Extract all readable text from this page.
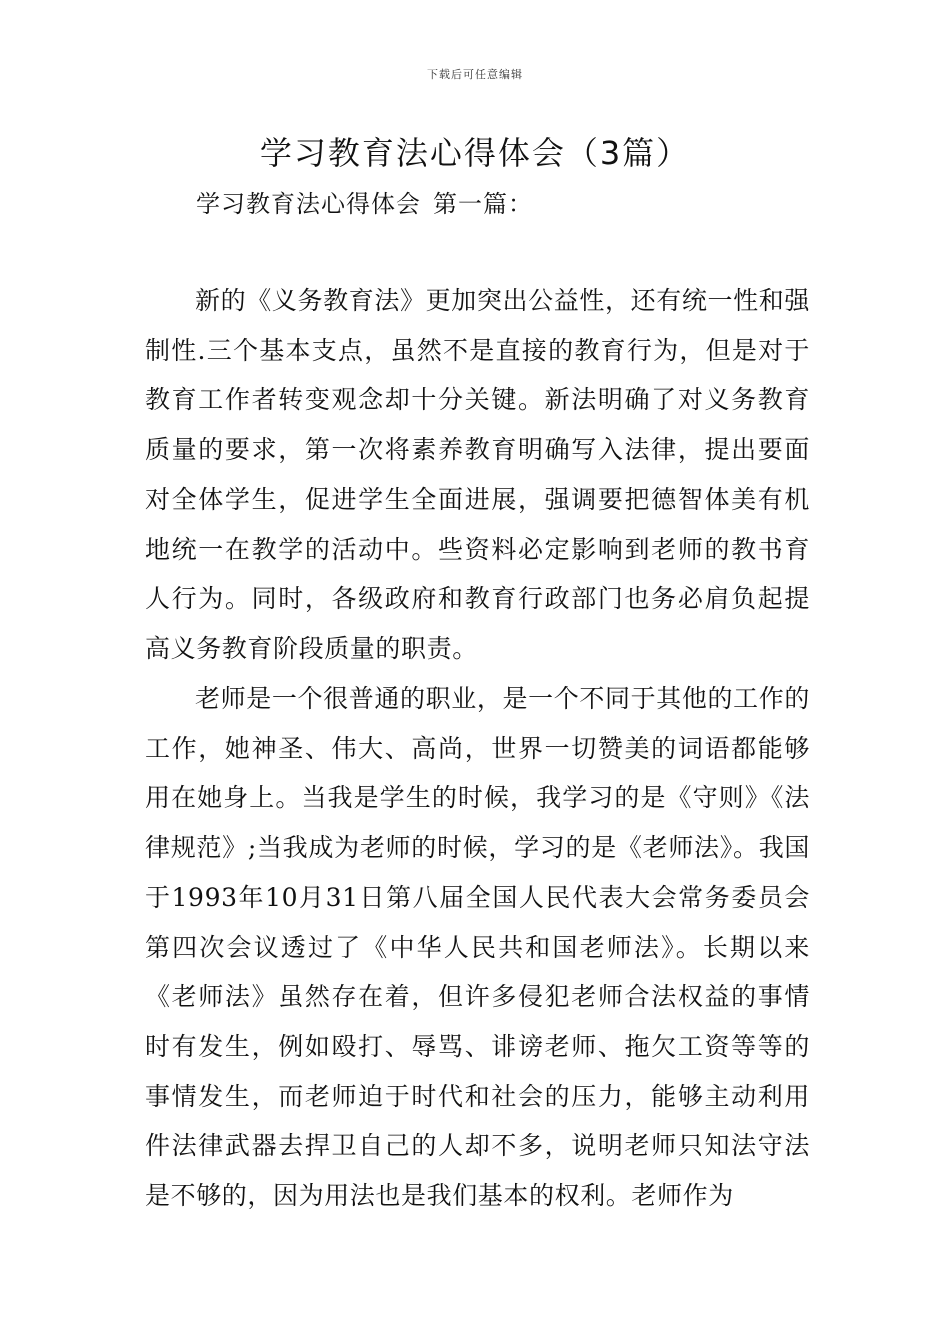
下载后可任意编辑
学习教育法心得体会（3篇）
学习教育法心得体会 第一篇：

新的《义务教育法》更加突出公益性，还有统一性和强制性.三个基本支点，虽然不是直接的教育行为，但是对于教育工作者转变观念却十分关键。新法明确了对义务教育质量的要求，第一次将素养教育明确写入法律，提出要面对全体学生，促进学生全面进展，强调要把德智体美有机地统一在教学的活动中。些资料必定影响到老师的教书育人行为。同时，各级政府和教育行政部门也务必肩负起提高义务教育阶段质量的职责。

老师是一个很普通的职业，是一个不同于其他的工作的工作，她神圣、伟大、高尚，世界一切赞美的词语都能够用在她身上。当我是学生的时候，我学习的是《守则》《法律规范》;当我成为老师的时候，学习的是《老师法》。我国于1993年10月31日第八届全国人民代表大会常务委员会第四次会议透过了《中华人民共和国老师法》。长期以来《老师法》虽然存在着，但许多侵犯老师合法权益的事情时有发生，例如殴打、辱骂、诽谤老师、拖欠工资等等的事情发生，而老师迫于时代和社会的压力，能够主动利用件法律武器去捍卫自己的人却不多，说明老师只知法守法是不够的，因为用法也是我们基本的权利。老师作为
